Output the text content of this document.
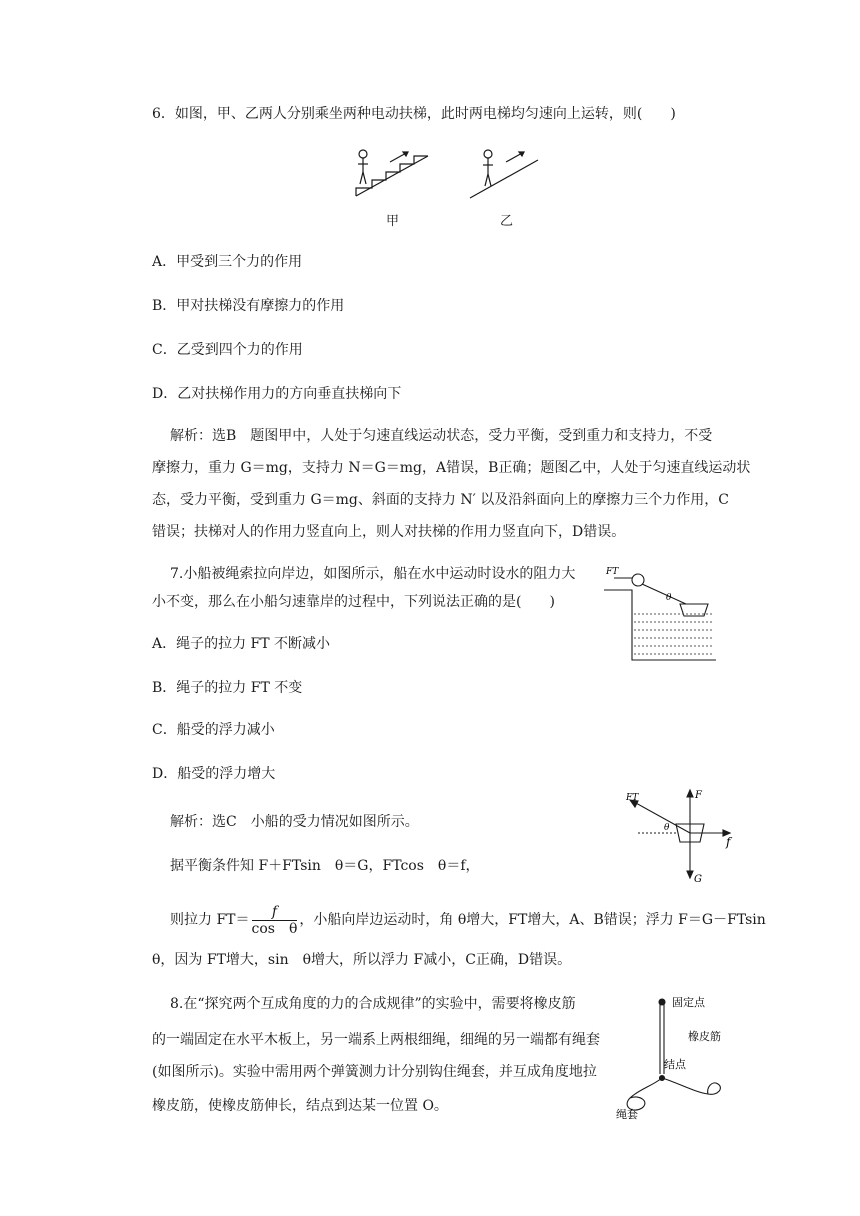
6．如图，甲、乙两人分别乘坐两种电动扶梯，此时两电梯均匀速向上运转，则(　　)
甲	乙
A．甲受到三个力的作用
B．甲对扶梯没有摩擦力的作用
C．乙受到四个力的作用
D．乙对扶梯作用力的方向垂直扶梯向下
解析：选B　题图甲中，人处于匀速直线运动状态，受力平衡，受到重力和支持力，不受
摩擦力，重力 G＝mg，支持力 N＝G＝mg，A错误，B正确；题图乙中，人处于匀速直线运动状
态，受力平衡，受到重力 G＝mg、斜面的支持力 N′ 以及沿斜面向上的摩擦力三个力作用，C
错误；扶梯对人的作用力竖直向上，则人对扶梯的作用力竖直向下，D错误。
7.小船被绳索拉向岸边，如图所示，船在水中运动时设水的阻力大
小不变，那么在小船匀速靠岸的过程中，下列说法正确的是(　　)
FT
θ
A．绳子的拉力 FT 不断减小
B．绳子的拉力 FT 不变
C．船受的浮力减小
D．船受的浮力增大
解析：选C　小船的受力情况如图所示。
FT	F
θ
f
G
据平衡条件知 F＋FTsin　θ＝G，FTcos　θ＝f，
则拉力 $FT= \frac{f}{\text{cos　θ}}$ ，小船向岸边运动时，角 θ增大，FT增大，A、B错误；浮力 F＝G－FTsin
θ，因为 FT增大，sin　θ增大，所以浮力 F减小，C正确，D错误。
8.在“探究两个互成角度的力的合成规律”的实验中，需要将橡皮筋
的一端固定在水平木板上，另一端系上两根细绳，细绳的另一端都有绳套
(如图所示)。实验中需用两个弹簧测力计分别钩住绳套，并互成角度地拉
橡皮筋，使橡皮筋伸长，结点到达某一位置 O。
固定点
橡皮筋
结点
绳套
